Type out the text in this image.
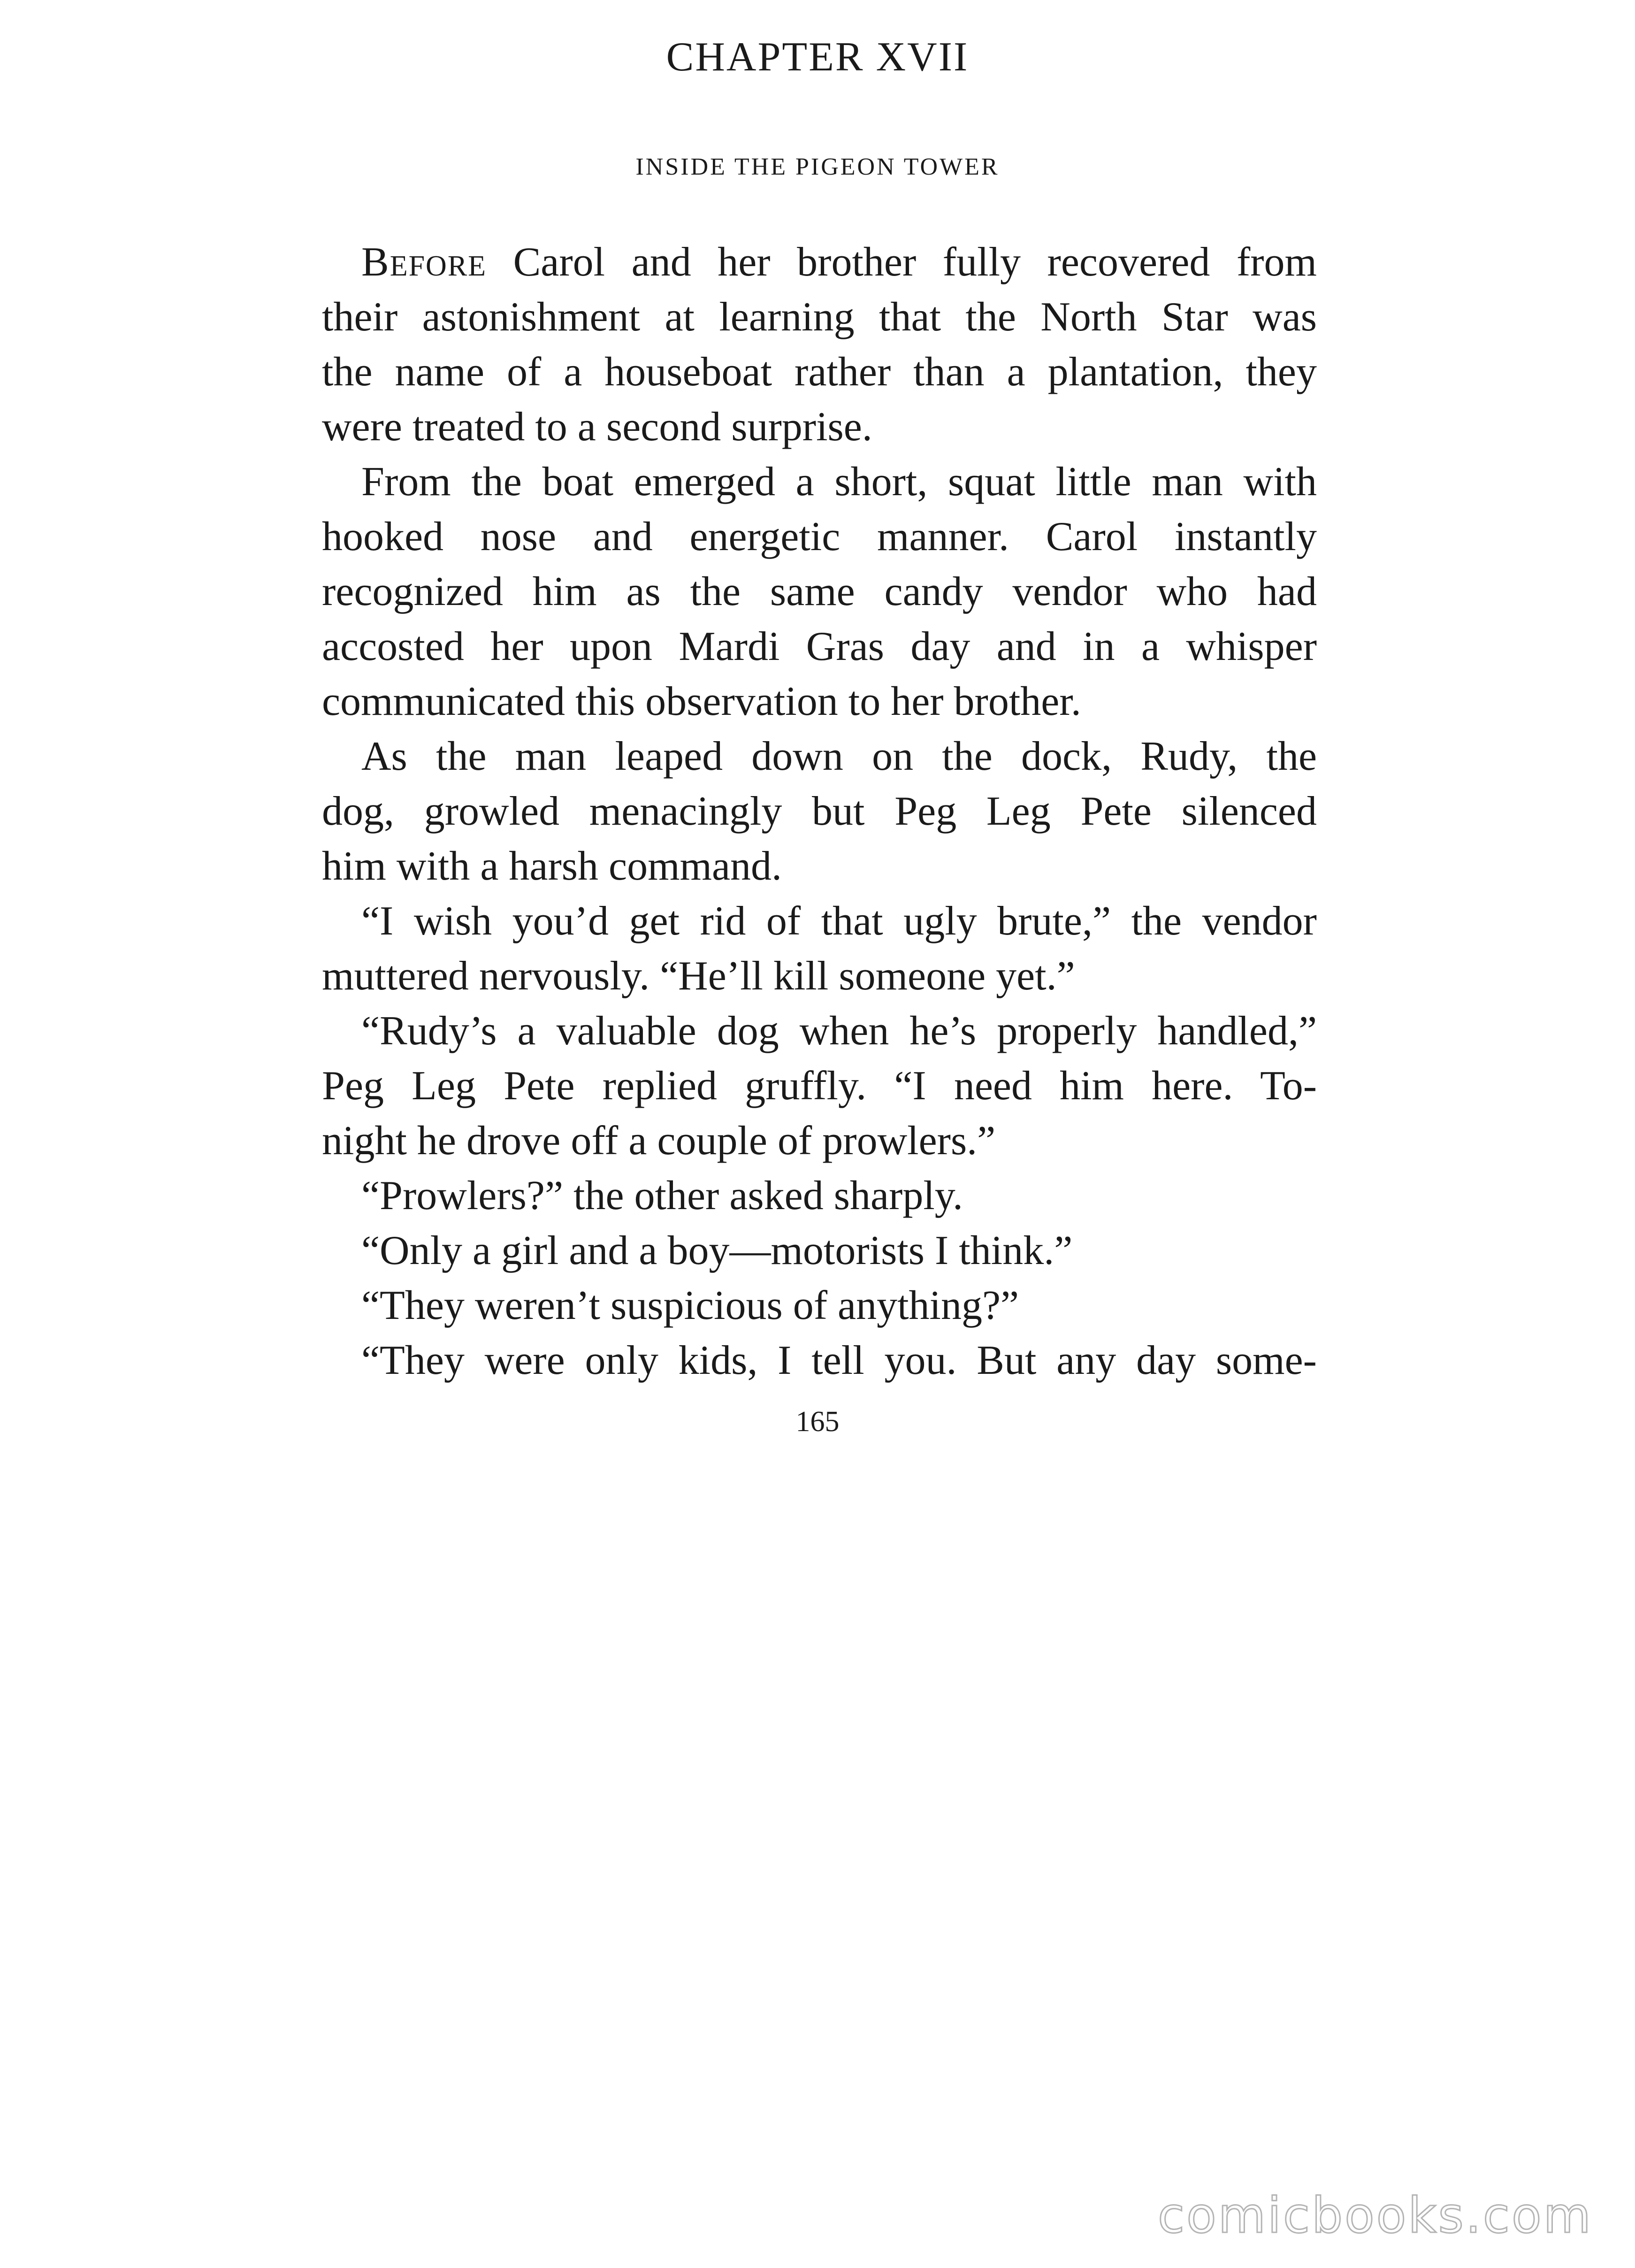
CHAPTER XVII
INSIDE THE PIGEON TOWER
Before Carol and her brother fully recovered from
their astonishment at learning that the North Star was
the name of a houseboat rather than a plantation, they
were treated to a second surprise.
From the boat emerged a short, squat little man with
hooked nose and energetic manner. Carol instantly
recognized him as the same candy vendor who had
accosted her upon Mardi Gras day and in a whisper
communicated this observation to her brother.
As the man leaped down on the dock, Rudy, the
dog, growled menacingly but Peg Leg Pete silenced
him with a harsh command.
“I wish you’d get rid of that ugly brute,” the vendor
muttered nervously. “He’ll kill someone yet.”
“Rudy’s a valuable dog when he’s properly handled,”
Peg Leg Pete replied gruffly. “I need him here. To-
night he drove off a couple of prowlers.”
“Prowlers?” the other asked sharply.
“Only a girl and a boy—motorists I think.”
“They weren’t suspicious of anything?”
“They were only kids, I tell you. But any day some-
165
comicbooks.com
